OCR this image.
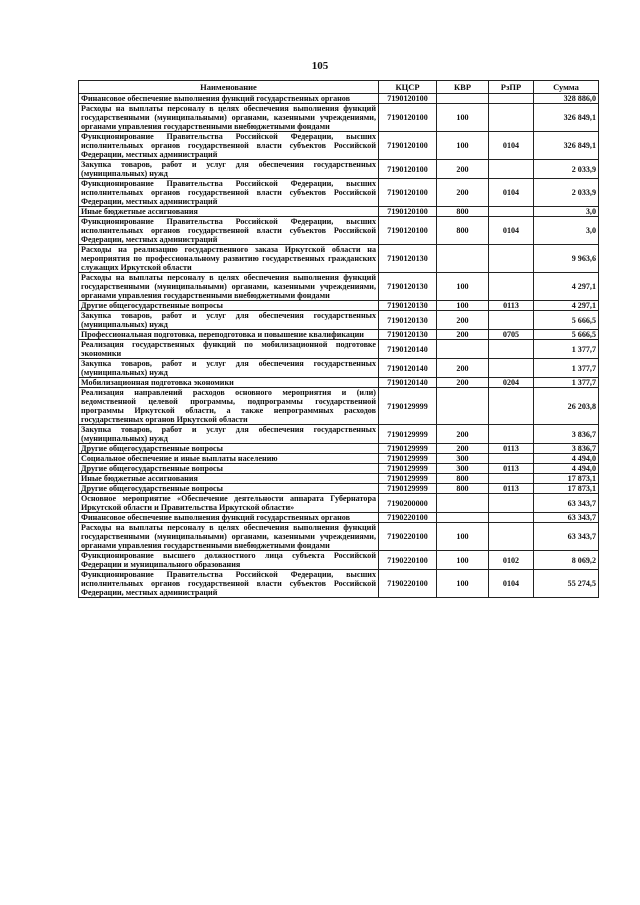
105
Наименование	КЦСР	КВР	РзПР	Сумма
Финансовое обеспечение выполнения функций государственных органов	7190120100			328 886,0
Расходы на выплаты персоналу в целях обеспечения выполнения функций государственными (муниципальными) органами, казенными учреждениями, органами управления государственными внебюджетными фондами	7190120100	100		326 849,1
Функционирование Правительства Российской Федерации, высших исполнительных органов государственной власти субъектов Российской Федерации, местных администраций	7190120100	100	0104	326 849,1
Закупка товаров, работ и услуг для обеспечения государственных (муниципальных) нужд	7190120100	200		2 033,9
Функционирование Правительства Российской Федерации, высших исполнительных органов государственной власти субъектов Российской Федерации, местных администраций	7190120100	200	0104	2 033,9
Иные бюджетные ассигнования	7190120100	800		3,0
Функционирование Правительства Российской Федерации, высших исполнительных органов государственной власти субъектов Российской Федерации, местных администраций	7190120100	800	0104	3,0
Расходы на реализацию государственного заказа Иркутской области на мероприятия по профессиональному развитию государственных гражданских служащих Иркутской области	7190120130			9 963,6
Расходы на выплаты персоналу в целях обеспечения выполнения функций государственными (муниципальными) органами, казенными учреждениями, органами управления государственными внебюджетными фондами	7190120130	100		4 297,1
Другие общегосударственные вопросы	7190120130	100	0113	4 297,1
Закупка товаров, работ и услуг для обеспечения государственных (муниципальных) нужд	7190120130	200		5 666,5
Профессиональная подготовка, переподготовка и повышение квалификации	7190120130	200	0705	5 666,5
Реализация государственных функций по мобилизационной подготовке экономики	7190120140			1 377,7
Закупка товаров, работ и услуг для обеспечения государственных (муниципальных) нужд	7190120140	200		1 377,7
Мобилизационная подготовка экономики	7190120140	200	0204	1 377,7
Реализация направлений расходов основного мероприятия и (или) ведомственной целевой программы, подпрограммы государственной программы Иркутской области, а также непрограммных расходов государственных органов Иркутской области	7190129999			26 203,8
Закупка товаров, работ и услуг для обеспечения государственных (муниципальных) нужд	7190129999	200		3 836,7
Другие общегосударственные вопросы	7190129999	200	0113	3 836,7
Социальное обеспечение и иные выплаты населению	7190129999	300		4 494,0
Другие общегосударственные вопросы	7190129999	300	0113	4 494,0
Иные бюджетные ассигнования	7190129999	800		17 873,1
Другие общегосударственные вопросы	7190129999	800	0113	17 873,1
Основное мероприятие «Обеспечение деятельности аппарата Губернатора Иркутской области и Правительства Иркутской области»	7190200000			63 343,7
Финансовое обеспечение выполнения функций государственных органов	7190220100			63 343,7
Расходы на выплаты персоналу в целях обеспечения выполнения функций государственными (муниципальными) органами, казенными учреждениями, органами управления государственными внебюджетными фондами	7190220100	100		63 343,7
Функционирование высшего должностного лица субъекта Российской Федерации и муниципального образования	7190220100	100	0102	8 069,2
Функционирование Правительства Российской Федерации, высших исполнительных органов государственной власти субъектов Российской Федерации, местных администраций	7190220100	100	0104	55 274,5
